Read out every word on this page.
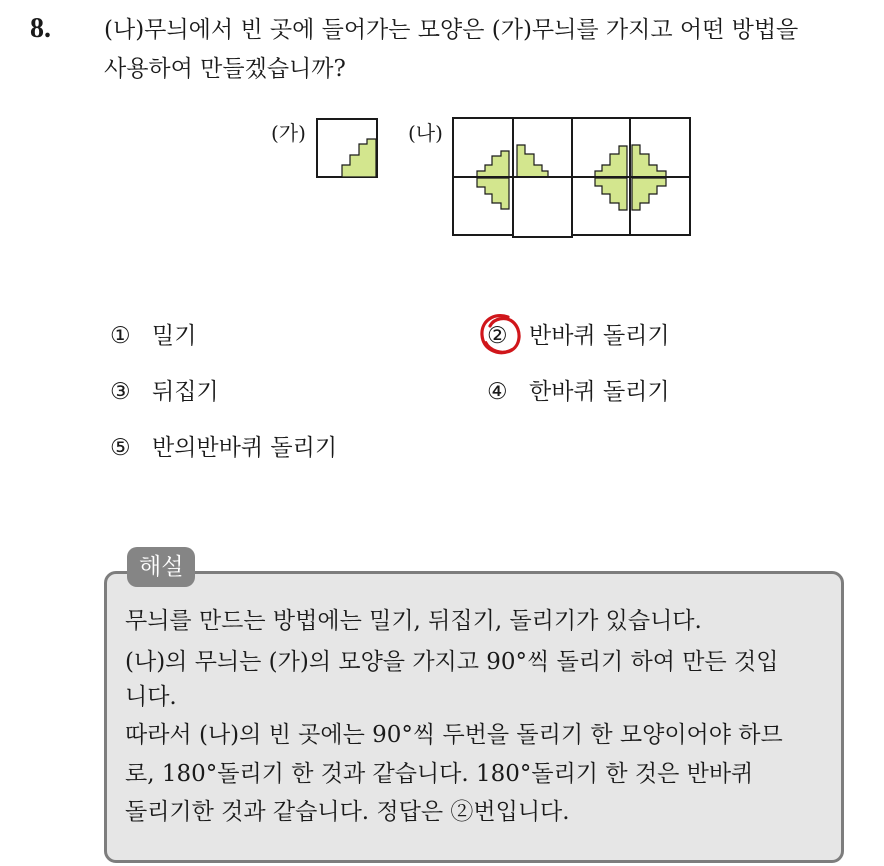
8. (나)무늬에서 빈 곳에 들어가는 모양은 (가)무늬를 가지고 어떤 방법을
사용하여 만들겠습니까?
(가)	(나)
① 밀기	② 반바퀴 돌리기
③ 뒤집기	④ 한바퀴 돌리기
⑤ 반의반바퀴 돌리기
해설
무늬를 만드는 방법에는 밀기, 뒤집기, 돌리기가 있습니다.
(나)의 무늬는 (가)의 모양을 가지고 90°씩 돌리기 하여 만든 것입
니다.
따라서 (나)의 빈 곳에는 90°씩 두번을 돌리기 한 모양이어야 하므
로, 180°돌리기 한 것과 같습니다. 180°돌리기 한 것은 반바퀴
돌리기한 것과 같습니다. 정답은 ②번입니다.
